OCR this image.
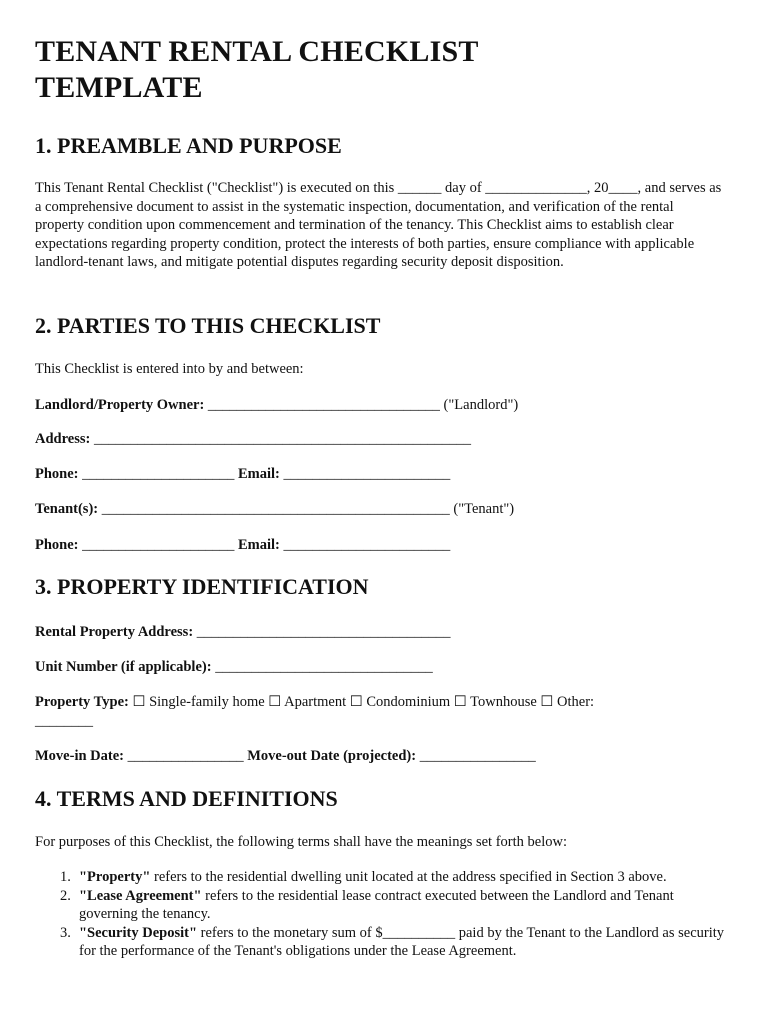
TENANT RENTAL CHECKLIST
TEMPLATE
1. PREAMBLE AND PURPOSE

This Tenant Rental Checklist ("Checklist") is executed on this ______ day of ______________, 20____, and serves as a comprehensive document to assist in the systematic inspection, documentation, and verification of the rental property condition upon commencement and termination of the tenancy. This Checklist aims to establish clear expectations regarding property condition, protect the interests of both parties, ensure compliance with applicable landlord-tenant laws, and mitigate potential disputes regarding security deposit disposition.

2. PARTIES TO THIS CHECKLIST

This Checklist is entered into by and between:

Landlord/Property Owner: ________________________________ ("Landlord")

Address: ____________________________________________________

Phone: _____________________ Email: _______________________

Tenant(s): ________________________________________________ ("Tenant")

Phone: _____________________ Email: _______________________

3. PROPERTY IDENTIFICATION

Rental Property Address: ___________________________________

Unit Number (if applicable): ______________________________

Property Type: ☐ Single-family home ☐ Apartment ☐ Condominium ☐ Townhouse ☐ Other:

________

Move-in Date: ________________ Move-out Date (projected): ________________

4. TERMS AND DEFINITIONS

For purposes of this Checklist, the following terms shall have the meanings set forth below:

1. "Property" refers to the residential dwelling unit located at the address specified in Section 3 above.
2. "Lease Agreement" refers to the residential lease contract executed between the Landlord and Tenant governing the tenancy.
3. "Security Deposit" refers to the monetary sum of $__________ paid by the Tenant to the Landlord as security for the performance of the Tenant's obligations under the Lease Agreement.
